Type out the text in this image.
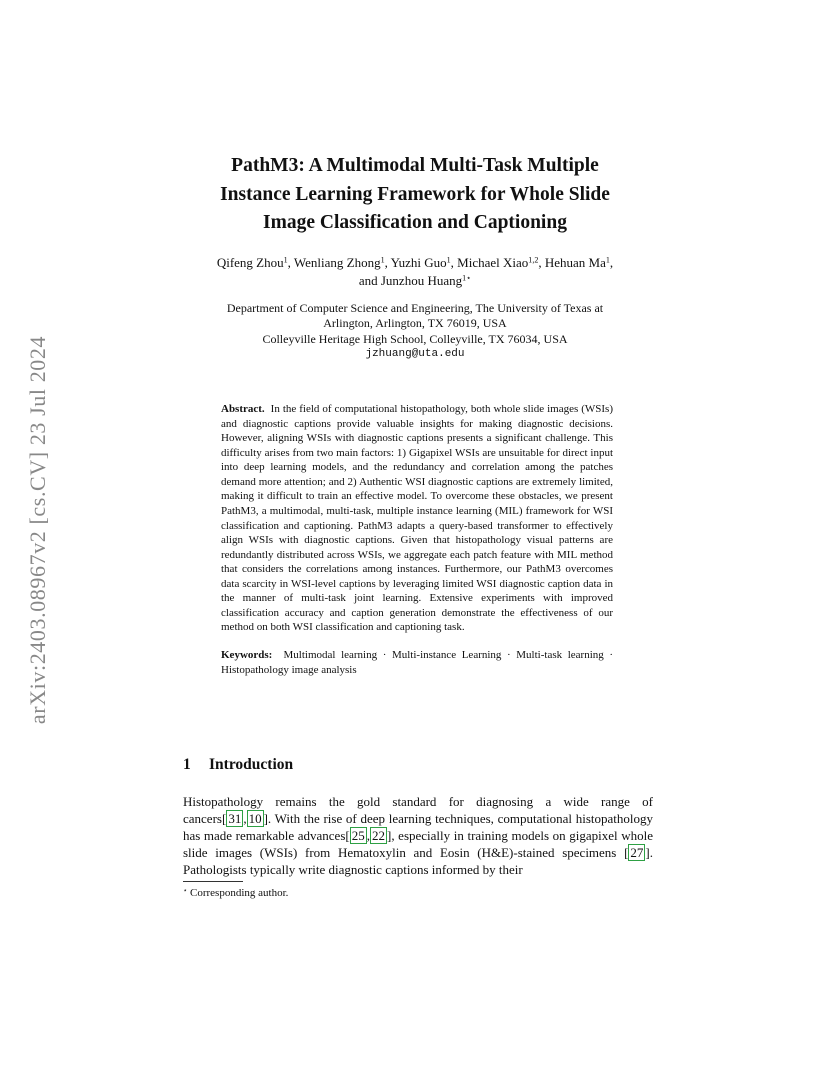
arXiv:2403.08967v2 [cs.CV] 23 Jul 2024
PathM3: A Multimodal Multi-Task Multiple
Instance Learning Framework for Whole Slide
Image Classification and Captioning
Qifeng Zhou$^1$, Wenliang Zhong$^1$, Yuzhi Guo$^1$, Michael Xiao$^{1,2}$, Hehuan Ma$^1$,
and Junzhou Huang$^{1⋆}$
Department of Computer Science and Engineering, The University of Texas at
Arlington, Arlington, TX 76019, USA
Colleyville Heritage High School, Colleyville, TX 76034, USA
jzhuang@uta.edu

Abstract. In the field of computational histopathology, both whole slide images (WSIs) and diagnostic captions provide valuable insights for making diagnostic decisions. However, aligning WSIs with diagnostic captions presents a significant challenge. This difficulty arises from two main factors: 1) Gigapixel WSIs are unsuitable for direct input into deep learning models, and the redundancy and correlation among the patches demand more attention; and 2) Authentic WSI diagnostic captions are extremely limited, making it difficult to train an effective model. To overcome these obstacles, we present PathM3, a multimodal, multi-task, multiple instance learning (MIL) framework for WSI classification and captioning. PathM3 adapts a query-based transformer to effectively align WSIs with diagnostic captions. Given that histopathology visual patterns are redundantly distributed across WSIs, we aggregate each patch feature with MIL method that considers the correlations among instances. Furthermore, our PathM3 overcomes data scarcity in WSI-level captions by leveraging limited WSI diagnostic caption data in the manner of multi-task joint learning. Extensive experiments with improved classification accuracy and caption generation demonstrate the effectiveness of our method on both WSI classification and captioning task.

Keywords: Multimodal learning · Multi-instance Learning · Multi-task learning · Histopathology image analysis

1 Introduction

Histopathology remains the gold standard for diagnosing a wide range of cancers[ 31 , 10 ]. With the rise of deep learning techniques, computational histopathology has made remarkable advances[ 25 , 22 ], especially in training models on gigapixel whole slide images (WSIs) from Hematoxylin and Eosin (H&E)-stained specimens [ 27 ]. Pathologists typically write diagnostic captions informed by their

⋆ Corresponding author.
